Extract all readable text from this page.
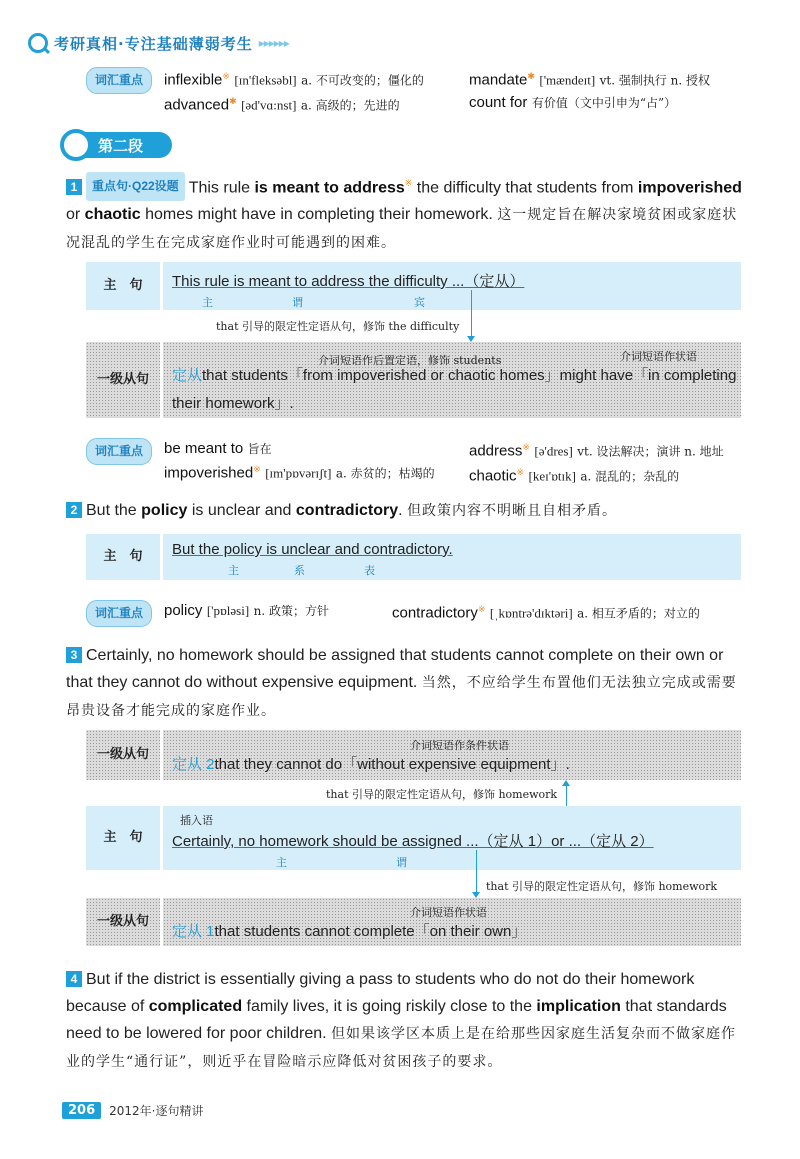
考研真相·专注基础薄弱考生 ▸▸▸▸▸▸
词汇重点	inflexible※ [ɪn'fleksəbl] a. 不可改变的；僵化的
advanced✱ [əd'vɑ:nst] a. 高级的；先进的
mandate✱ ['mændeɪt] vt. 强制执行 n. 授权
count for 有价值（文中引申为“占”）
第二段
1 重点句·Q22设题 This rule is meant to address※ the difficulty that students from impoverished or chaotic homes might have in completing their homework. 这一规定旨在解决家境贫困或家庭状况混乱的学生在完成家庭作业时可能遇到的困难。
主　句	This rule is meant to address the difficulty ...（定从）
主	谓	宾
that 引导的限定性定语从句，修饰 the difficulty
一级从句
介词短语作后置定语，修饰 students	介词短语作状语
定从that students「from impoverished or chaotic homes」might have「in completing
their homework」.
词汇重点	be meant to 旨在
impoverished※ [ɪm'pɒvərɪʃt] a. 赤贫的；枯竭的
address※ [ə'dres] vt. 设法解决；演讲 n. 地址
chaotic※ [keɪ'ɒtɪk] a. 混乱的；杂乱的
2 But the policy is unclear and contradictory. 但政策内容不明晰且自相矛盾。
主　句	But the policy is unclear and contradictory.
主	系	表
词汇重点	policy ['pɒləsi] n. 政策；方针	contradictory※ [ˌkɒntrə'dɪktəri] a. 相互矛盾的；对立的
3 Certainly, no homework should be assigned that students cannot complete on their own or that they cannot do without expensive equipment. 当然，不应给学生布置他们无法独立完成或需要昂贵设备才能完成的家庭作业。
一级从句
介词短语作条件状语
定从 2that they cannot do「without expensive equipment」.
that 引导的限定性定语从句，修饰 homework
主　句
插入语
Certainly, no homework should be assigned ...（定从 1）or ...（定从 2）
主	谓
that 引导的限定性定语从句，修饰 homework
一级从句
介词短语作状语
定从 1that students cannot complete「on their own」
4 But if the district is essentially giving a pass to students who do not do their homework because of complicated family lives, it is going riskily close to the implication that standards need to be lowered for poor children. 但如果该学区本质上是在给那些因家庭生活复杂而不做家庭作业的学生“通行证”，则近乎在冒险暗示应降低对贫困孩子的要求。
206	2012年·逐句精讲
